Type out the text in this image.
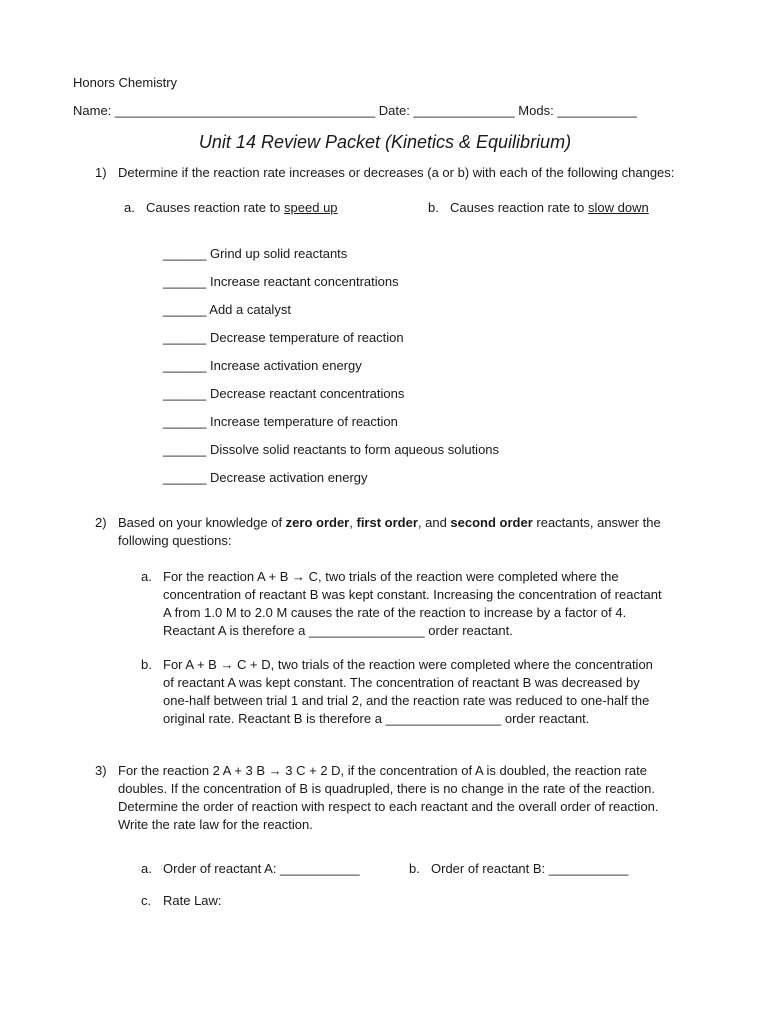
Honors Chemistry
Name: ____________________________________ Date: ______________ Mods: ___________
Unit 14 Review Packet (Kinetics & Equilibrium)
1) Determine if the reaction rate increases or decreases (a or b) with each of the following changes:
a. Causes reaction rate to speed up	b. Causes reaction rate to slow down
______ Grind up solid reactants
______ Increase reactant concentrations
______ Add a catalyst
______ Decrease temperature of reaction
______ Increase activation energy
______ Decrease reactant concentrations
______ Increase temperature of reaction
______ Dissolve solid reactants to form aqueous solutions
______ Decrease activation energy
2) Based on your knowledge of zero order, first order, and second order reactants, answer the
following questions:
a. For the reaction A + B → C, two trials of the reaction were completed where the
concentration of reactant B was kept constant. Increasing the concentration of reactant
A from 1.0 M to 2.0 M causes the rate of the reaction to increase by a factor of 4.
Reactant A is therefore a ________________ order reactant.
b. For A + B → C + D, two trials of the reaction were completed where the concentration
of reactant A was kept constant. The concentration of reactant B was decreased by
one-half between trial 1 and trial 2, and the reaction rate was reduced to one-half the
original rate. Reactant B is therefore a ________________ order reactant.
3) For the reaction 2 A + 3 B → 3 C + 2 D, if the concentration of A is doubled, the reaction rate
doubles. If the concentration of B is quadrupled, there is no change in the rate of the reaction.
Determine the order of reaction with respect to each reactant and the overall order of reaction.
Write the rate law for the reaction.
a. Order of reactant A: ___________	b. Order of reactant B: ___________
c. Rate Law:
